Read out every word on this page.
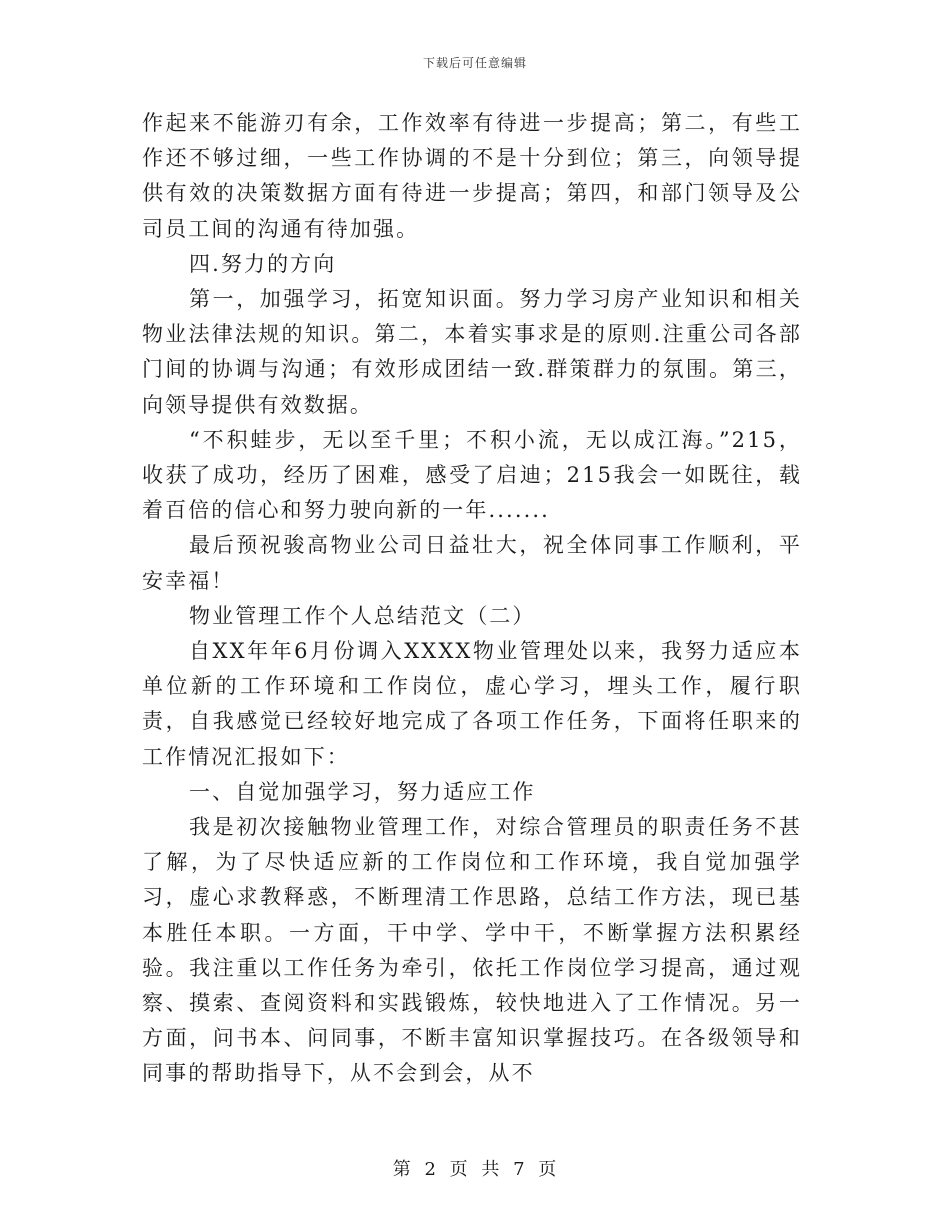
下载后可任意编辑

作起来不能游刃有余，工作效率有待进一步提高；第二，有些工作还不够过细，一些工作协调的不是十分到位；第三，向领导提供有效的决策数据方面有待进一步提高；第四，和部门领导及公司员工间的沟通有待加强。

四.努力的方向

第一，加强学习，拓宽知识面。努力学习房产业知识和相关物业法律法规的知识。第二，本着实事求是的原则.注重公司各部门间的协调与沟通；有效形成团结一致.群策群力的氛围。第三，向领导提供有效数据。

“不积蛙步，无以至千里；不积小流，无以成江海。”215，收获了成功，经历了困难，感受了启迪；215我会一如既往，载着百倍的信心和努力驶向新的一年.......

最后预祝骏高物业公司日益壮大，祝全体同事工作顺利，平安幸福！

物业管理工作个人总结范文（二）

自XX年年6月份调入XXXX物业管理处以来，我努力适应本单位新的工作环境和工作岗位，虚心学习，埋头工作，履行职责，自我感觉已经较好地完成了各项工作任务，下面将任职来的工作情况汇报如下：

一、自觉加强学习，努力适应工作

我是初次接触物业管理工作，对综合管理员的职责任务不甚了解，为了尽快适应新的工作岗位和工作环境，我自觉加强学习，虚心求教释惑，不断理清工作思路，总结工作方法，现已基本胜任本职。一方面，干中学、学中干，不断掌握方法积累经验。我注重以工作任务为牵引，依托工作岗位学习提高，通过观察、摸索、查阅资料和实践锻炼，较快地进入了工作情况。另一方面，问书本、问同事，不断丰富知识掌握技巧。在各级领导和同事的帮助指导下，从不会到会，从不

第 2 页 共 7 页
